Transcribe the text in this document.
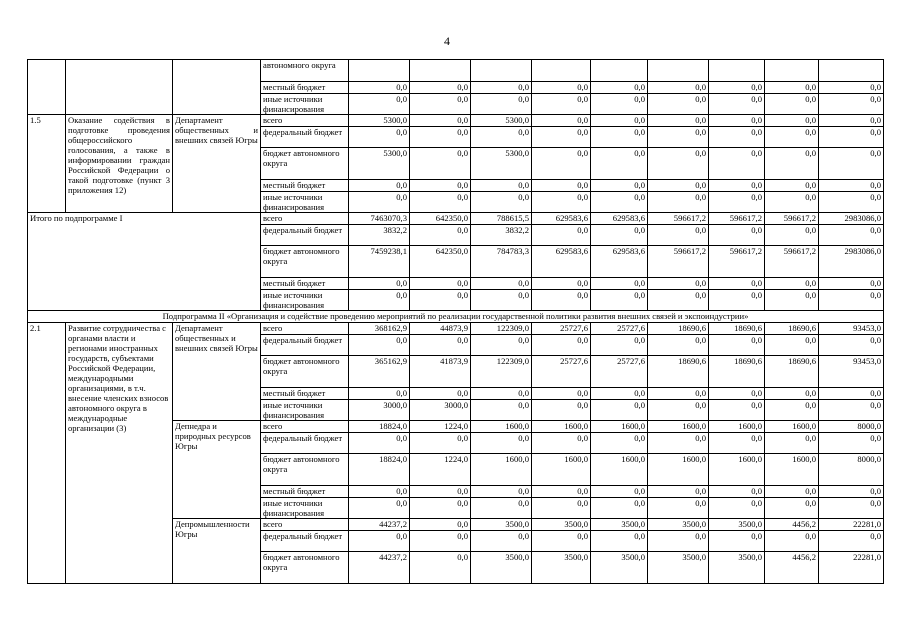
4
			автономного округа									
			местный бюджет	0,0	0,0	0,0	0,0	0,0	0,0	0,0	0,0	0,0
			иные источники финансирования	0,0	0,0	0,0	0,0	0,0	0,0	0,0	0,0	0,0
1.5	Оказание содействия в подготовке проведения общероссийского голосования, а также в информировании граждан Российской Федерации о такой подготовке (пункт 3 приложения 12)	Департамент общественных и внешних связей Югры	всего	5300,0	0,0	5300,0	0,0	0,0	0,0	0,0	0,0	0,0
			федеральный бюджет	0,0	0,0	0,0	0,0	0,0	0,0	0,0	0,0	0,0
			бюджет автономного округа	5300,0	0,0	5300,0	0,0	0,0	0,0	0,0	0,0	0,0
			местный бюджет	0,0	0,0	0,0	0,0	0,0	0,0	0,0	0,0	0,0
			иные источники финансирования	0,0	0,0	0,0	0,0	0,0	0,0	0,0	0,0	0,0
Итого по подпрограмме I			всего	7463070,3	642350,0	788615,5	629583,6	629583,6	596617,2	596617,2	596617,2	2983086,0
			федеральный бюджет	3832,2	0,0	3832,2	0,0	0,0	0,0	0,0	0,0	0,0
			бюджет автономного округа	7459238,1	642350,0	784783,3	629583,6	629583,6	596617,2	596617,2	596617,2	2983086,0
			местный бюджет	0,0	0,0	0,0	0,0	0,0	0,0	0,0	0,0	0,0
			иные источники финансирования	0,0	0,0	0,0	0,0	0,0	0,0	0,0	0,0	0,0
Подпрограмма II «Организация и содействие проведению мероприятий по реализации государственной политики развития внешних связей и экспоиндустрии»												
2.1	Развитие сотрудничества с органами власти и регионами иностранных государств, субъектами Российской Федерации, международными организациями, в т.ч. внесение членских взносов автономного округа в международные организации (3)	Департамент общественных и внешних связей Югры	всего	368162,9	44873,9	122309,0	25727,6	25727,6	18690,6	18690,6	18690,6	93453,0
			федеральный бюджет	0,0	0,0	0,0	0,0	0,0	0,0	0,0	0,0	0,0
			бюджет автономного округа	365162,9	41873,9	122309,0	25727,6	25727,6	18690,6	18690,6	18690,6	93453,0
			местный бюджет	0,0	0,0	0,0	0,0	0,0	0,0	0,0	0,0	0,0
			иные источники финансирования	3000,0	3000,0	0,0	0,0	0,0	0,0	0,0	0,0	0,0
		Депнедра и природных ресурсов Югры	всего	18824,0	1224,0	1600,0	1600,0	1600,0	1600,0	1600,0	1600,0	8000,0
			федеральный бюджет	0,0	0,0	0,0	0,0	0,0	0,0	0,0	0,0	0,0
			бюджет автономного округа	18824,0	1224,0	1600,0	1600,0	1600,0	1600,0	1600,0	1600,0	8000,0
			местный бюджет	0,0	0,0	0,0	0,0	0,0	0,0	0,0	0,0	0,0
			иные источники финансирования	0,0	0,0	0,0	0,0	0,0	0,0	0,0	0,0	0,0
		Депромышленности Югры	всего	44237,2	0,0	3500,0	3500,0	3500,0	3500,0	3500,0	4456,2	22281,0
			федеральный бюджет	0,0	0,0	0,0	0,0	0,0	0,0	0,0	0,0	0,0
			бюджет автономного округа	44237,2	0,0	3500,0	3500,0	3500,0	3500,0	3500,0	4456,2	22281,0
